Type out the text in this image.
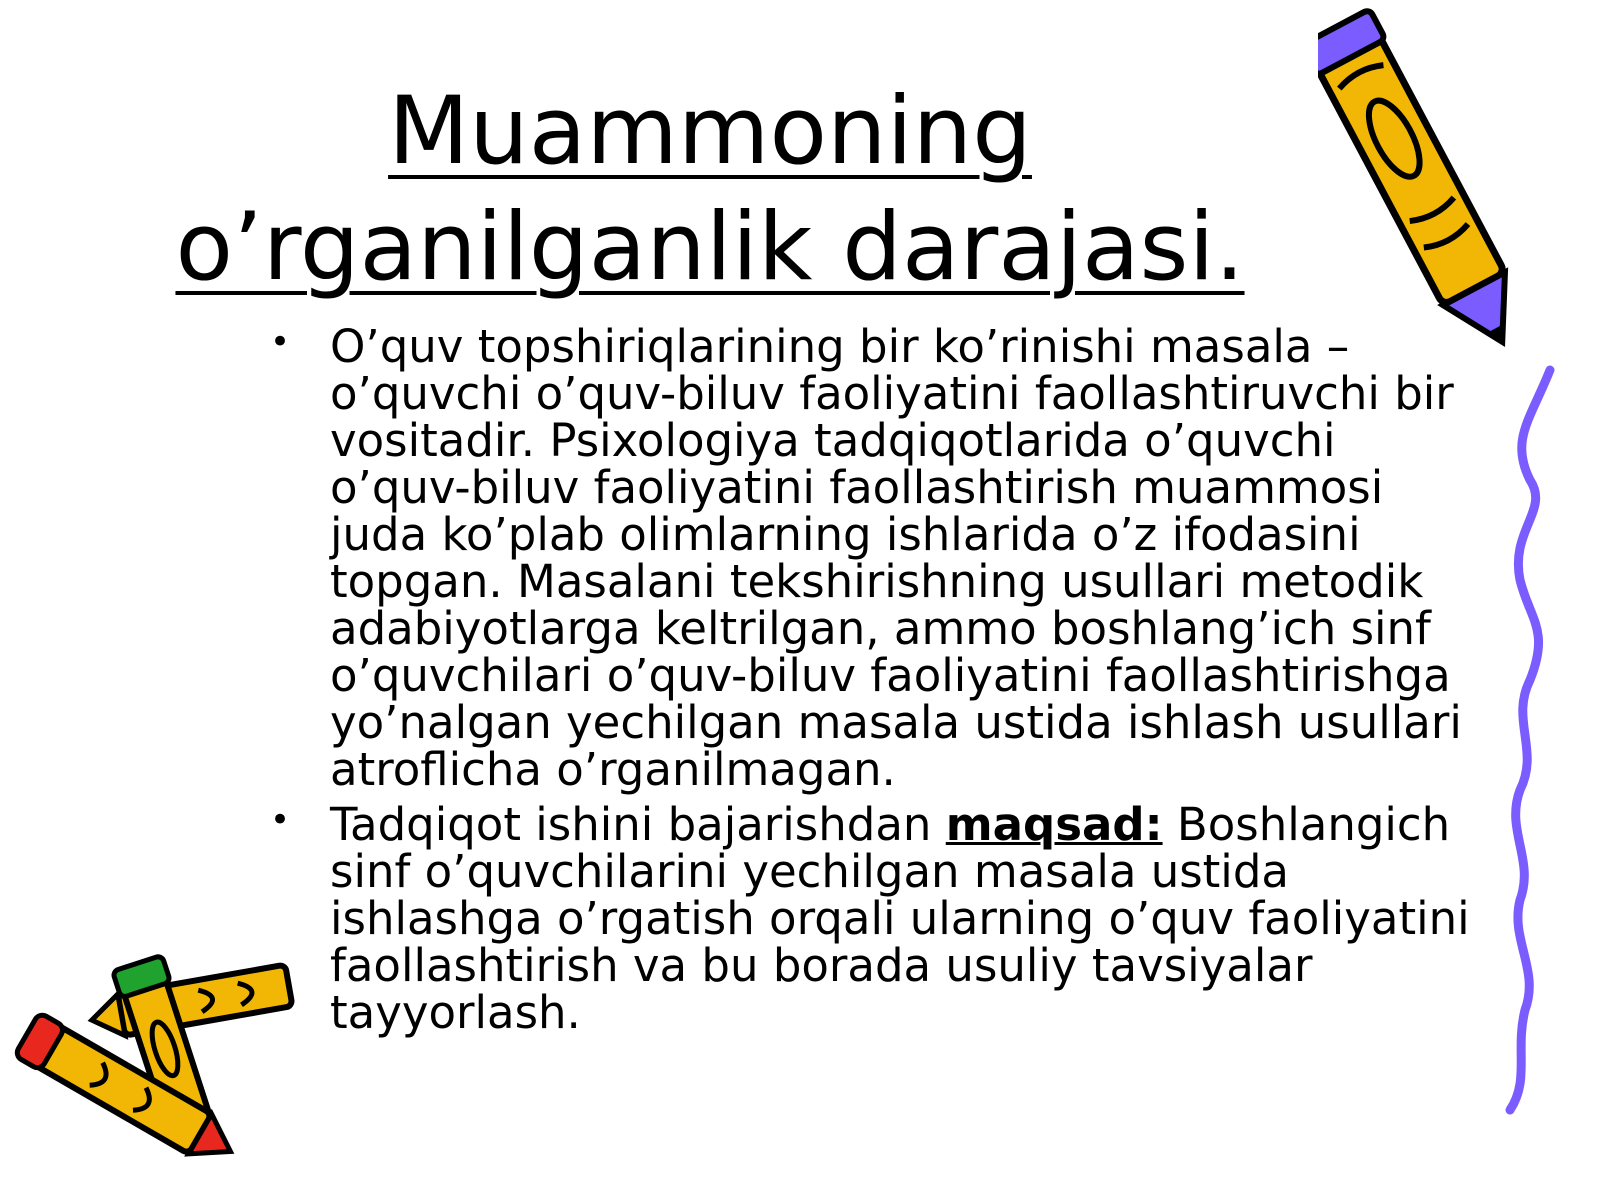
Muammoning o’rganilganlik darajasi.
• O’quv topshiriqlarining bir ko’rinishi masala – o’quvchi o’quv-biluv faoliyatini faollashtiruvchi bir vositadir. Psixologiya tadqiqotlarida o’quvchi o’quv-biluv faoliyatini faollashtirish muammosi juda ko’plab olimlarning ishlarida o’z ifodasini topgan. Masalani tekshirishning usullari metodik adabiyotlarga keltrilgan, ammo boshlang’ich sinf o’quvchilari o’quv-biluv faoliyatini faollashtirishga yo’nalgan yechilgan masala ustida ishlash usullari atroflicha o’rganilmagan.
• Tadqiqot ishini bajarishdan maqsad: Boshlangich sinf o’quvchilarini yechilgan masala ustida ishlashga o’rgatish orqali ularning o’quv faoliyatini faollashtirish va bu borada usuliy tavsiyalar tayyorlash.
